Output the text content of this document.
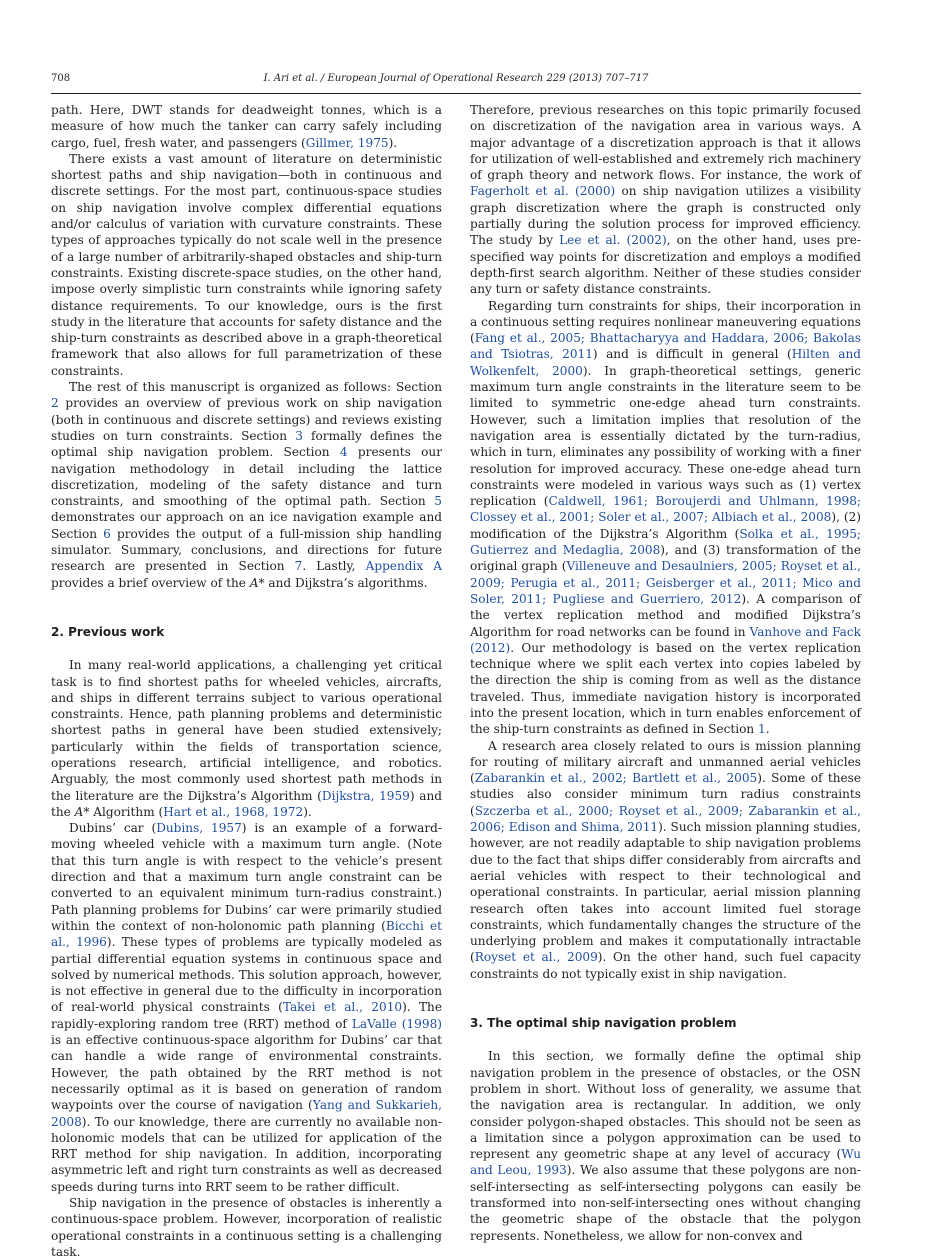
708	I. Ari et al. / European Journal of Operational Research 229 (2013) 707–717

path. Here, DWT stands for deadweight tonnes, which is a measure of how much the tanker can carry safely including cargo, fuel, fresh water, and passengers (Gillmer, 1975).

There exists a vast amount of literature on deterministic shortest paths and ship navigation—both in continuous and discrete settings. For the most part, continuous-space studies on ship navigation involve complex differential equations and/or calculus of variation with curvature constraints. These types of approaches typically do not scale well in the presence of a large number of arbitrarily-shaped obstacles and ship-turn constraints. Existing discrete-space studies, on the other hand, impose overly simplistic turn constraints while ignoring safety distance requirements. To our knowledge, ours is the first study in the literature that accounts for safety distance and the ship-turn constraints as described above in a graph-theoretical framework that also allows for full parametrization of these constraints.

The rest of this manuscript is organized as follows: Section 2 provides an overview of previous work on ship navigation (both in continuous and discrete settings) and reviews existing studies on turn constraints. Section 3 formally defines the optimal ship navigation problem. Section 4 presents our navigation methodology in detail including the lattice discretization, modeling of the safety distance and turn constraints, and smoothing of the optimal path. Section 5 demonstrates our approach on an ice navigation example and Section 6 provides the output of a full-mission ship handling simulator. Summary, conclusions, and directions for future research are presented in Section 7. Lastly, Appendix A provides a brief overview of the A* and Dijkstra’s algorithms.

2. Previous work

In many real-world applications, a challenging yet critical task is to find shortest paths for wheeled vehicles, aircrafts, and ships in different terrains subject to various operational constraints. Hence, path planning problems and deterministic shortest paths in general have been studied extensively; particularly within the fields of transportation science, operations research, artificial intelligence, and robotics. Arguably, the most commonly used shortest path methods in the literature are the Dijkstra’s Algorithm (Dijkstra, 1959) and the A* Algorithm (Hart et al., 1968, 1972).

Dubins’ car (Dubins, 1957) is an example of a forward-moving wheeled vehicle with a maximum turn angle. (Note that this turn angle is with respect to the vehicle’s present direction and that a maximum turn angle constraint can be converted to an equivalent minimum turn-radius constraint.) Path planning problems for Dubins’ car were primarily studied within the context of non-holonomic path planning (Bicchi et al., 1996). These types of problems are typically modeled as partial differential equation systems in continuous space and solved by numerical methods. This solution approach, however, is not effective in general due to the difficulty in incorporation of real-world physical constraints (Takei et al., 2010). The rapidly-exploring random tree (RRT) method of LaValle (1998) is an effective continuous-space algorithm for Dubins’ car that can handle a wide range of environmental constraints. However, the path obtained by the RRT method is not necessarily optimal as it is based on generation of random waypoints over the course of navigation (Yang and Sukkarieh, 2008). To our knowledge, there are currently no available non-holonomic models that can be utilized for application of the RRT method for ship navigation. In addition, incorporating asymmetric left and right turn constraints as well as decreased speeds during turns into RRT seem to be rather difficult.

Ship navigation in the presence of obstacles is inherently a continuous-space problem. However, incorporation of realistic operational constraints in a continuous setting is a challenging task.

Therefore, previous researches on this topic primarily focused on discretization of the navigation area in various ways. A major advantage of a discretization approach is that it allows for utilization of well-established and extremely rich machinery of graph theory and network flows. For instance, the work of Fagerholt et al. (2000) on ship navigation utilizes a visibility graph discretization where the graph is constructed only partially during the solution process for improved efficiency. The study by Lee et al. (2002), on the other hand, uses pre-specified way points for discretization and employs a modified depth-first search algorithm. Neither of these studies consider any turn or safety distance constraints.

Regarding turn constraints for ships, their incorporation in a continuous setting requires nonlinear maneuvering equations (Fang et al., 2005; Bhattacharyya and Haddara, 2006; Bakolas and Tsiotras, 2011) and is difficult in general (Hilten and Wolkenfelt, 2000). In graph-theoretical settings, generic maximum turn angle constraints in the literature seem to be limited to symmetric one-edge ahead turn constraints. However, such a limitation implies that resolution of the navigation area is essentially dictated by the turn-radius, which in turn, eliminates any possibility of working with a finer resolution for improved accuracy. These one-edge ahead turn constraints were modeled in various ways such as (1) vertex replication (Caldwell, 1961; Boroujerdi and Uhlmann, 1998; Clossey et al., 2001; Soler et al., 2007; Albiach et al., 2008), (2) modification of the Dijkstra’s Algorithm (Solka et al., 1995; Gutierrez and Medaglia, 2008), and (3) transformation of the original graph (Villeneuve and Desaulniers, 2005; Royset et al., 2009; Perugia et al., 2011; Geisberger et al., 2011; Mico and Soler, 2011; Pugliese and Guerriero, 2012). A comparison of the vertex replication method and modified Dijkstra’s Algorithm for road networks can be found in Vanhove and Fack (2012). Our methodology is based on the vertex replication technique where we split each vertex into copies labeled by the direction the ship is coming from as well as the distance traveled. Thus, immediate navigation history is incorporated into the present location, which in turn enables enforcement of the ship-turn constraints as defined in Section 1.

A research area closely related to ours is mission planning for routing of military aircraft and unmanned aerial vehicles (Zabarankin et al., 2002; Bartlett et al., 2005). Some of these studies also consider minimum turn radius constraints (Szczerba et al., 2000; Royset et al., 2009; Zabarankin et al., 2006; Edison and Shima, 2011). Such mission planning studies, however, are not readily adaptable to ship navigation problems due to the fact that ships differ considerably from aircrafts and aerial vehicles with respect to their technological and operational constraints. In particular, aerial mission planning research often takes into account limited fuel storage constraints, which fundamentally changes the structure of the underlying problem and makes it computationally intractable (Royset et al., 2009). On the other hand, such fuel capacity constraints do not typically exist in ship navigation.

3. The optimal ship navigation problem

In this section, we formally define the optimal ship navigation problem in the presence of obstacles, or the OSN problem in short. Without loss of generality, we assume that the navigation area is rectangular. In addition, we only consider polygon-shaped obstacles. This should not be seen as a limitation since a polygon approximation can be used to represent any geometric shape at any level of accuracy (Wu and Leou, 1993). We also assume that these polygons are non-self-intersecting as self-intersecting polygons can easily be transformed into non-self-intersecting ones without changing the geometric shape of the obstacle that the polygon represents. Nonetheless, we allow for non-convex and
